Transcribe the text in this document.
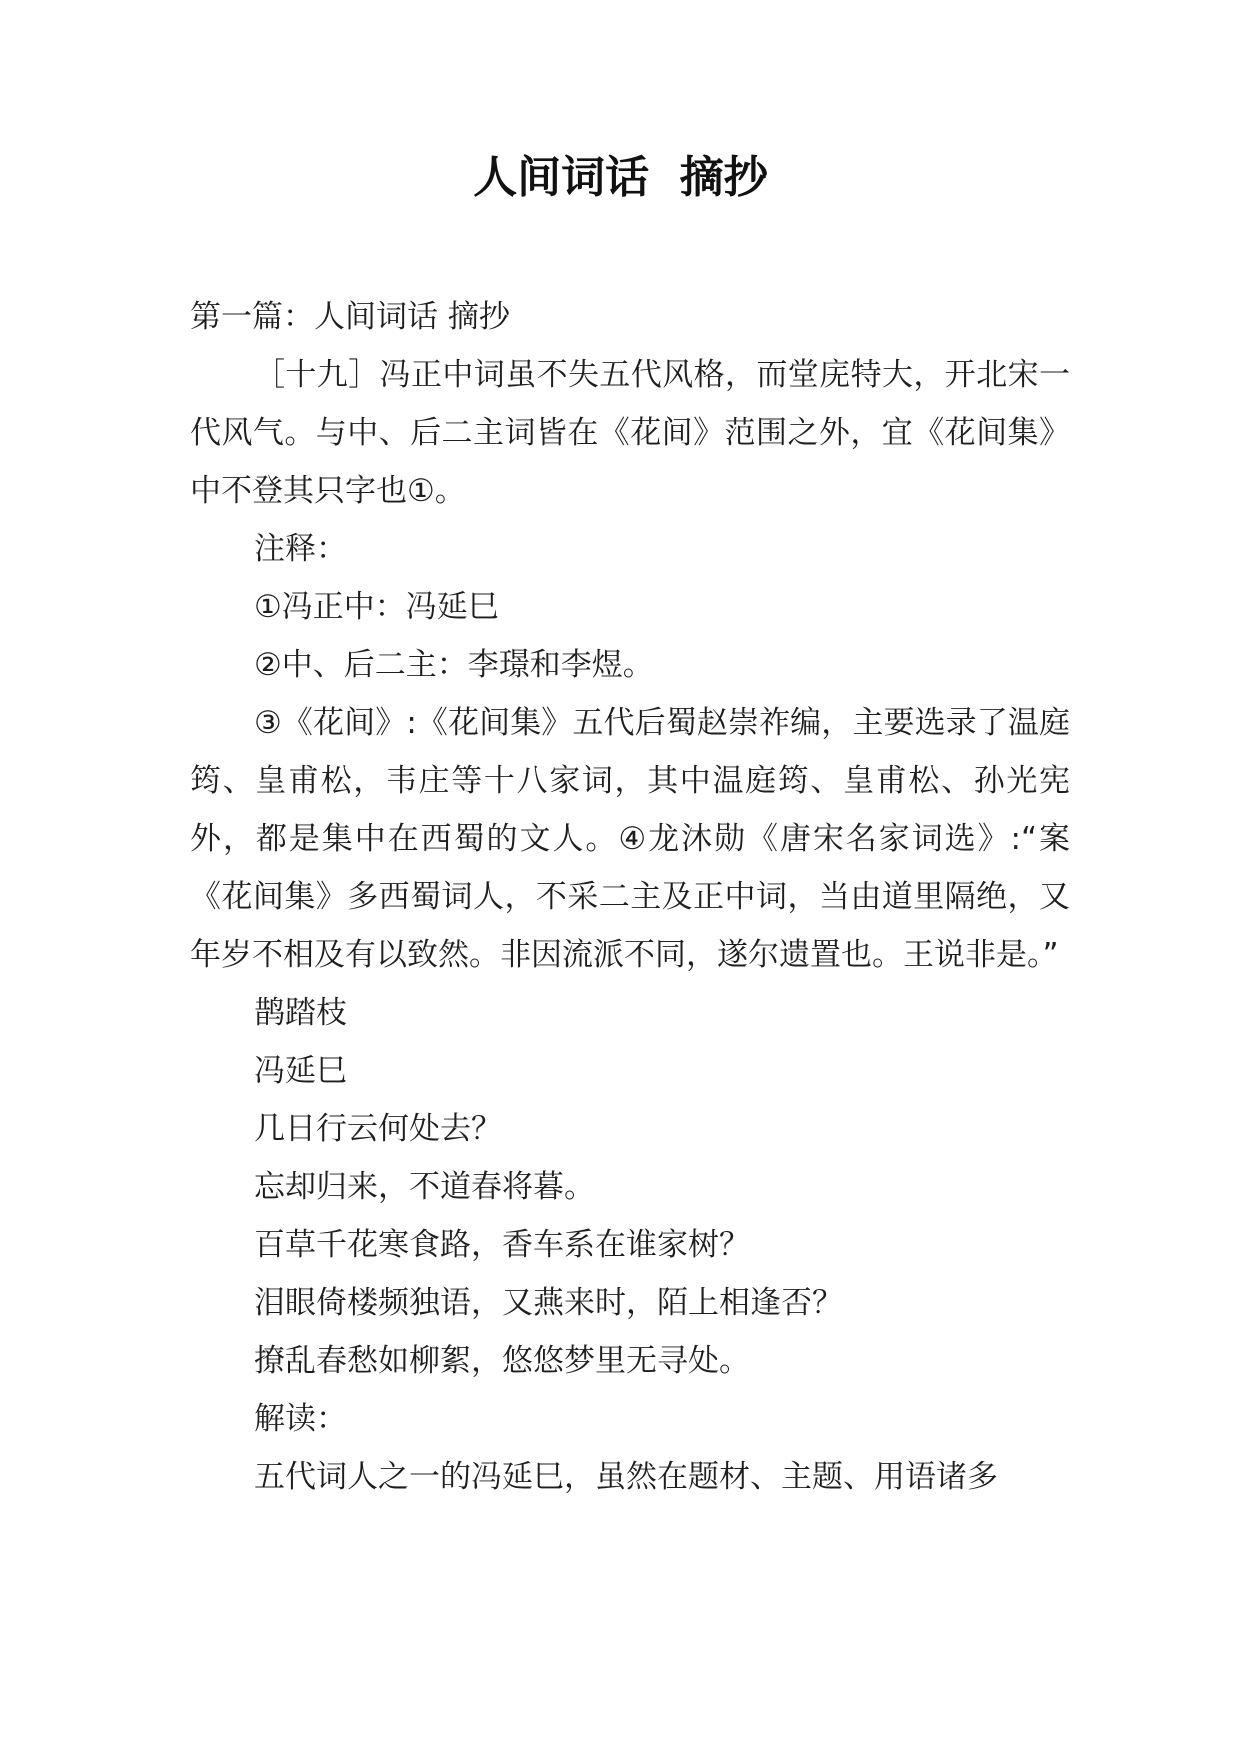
人间词话  摘抄

第一篇：人间词话 摘抄

［十九］冯正中词虽不失五代风格，而堂庑特大，开北宋一代风气。与中、后二主词皆在《花间》范围之外，宜《花间集》中不登其只字也①。

注释：

①冯正中：冯延巳

②中、后二主：李璟和李煜。

③《花间》:《花间集》五代后蜀赵崇祚编，主要选录了温庭筠、皇甫松，韦庄等十八家词，其中温庭筠、皇甫松、孙光宪外，都是集中在西蜀的文人。④龙沐勋《唐宋名家词选》:“案《花间集》多西蜀词人，不采二主及正中词，当由道里隔绝，又年岁不相及有以致然。非因流派不同，遂尔遗置也。王说非是。”

鹊踏枝

冯延巳

几日行云何处去？

忘却归来，不道春将暮。

百草千花寒食路，香车系在谁家树？

泪眼倚楼频独语，又燕来时，陌上相逢否？

撩乱春愁如柳絮，悠悠梦里无寻处。

解读：

五代词人之一的冯延巳，虽然在题材、主题、用语诸多
